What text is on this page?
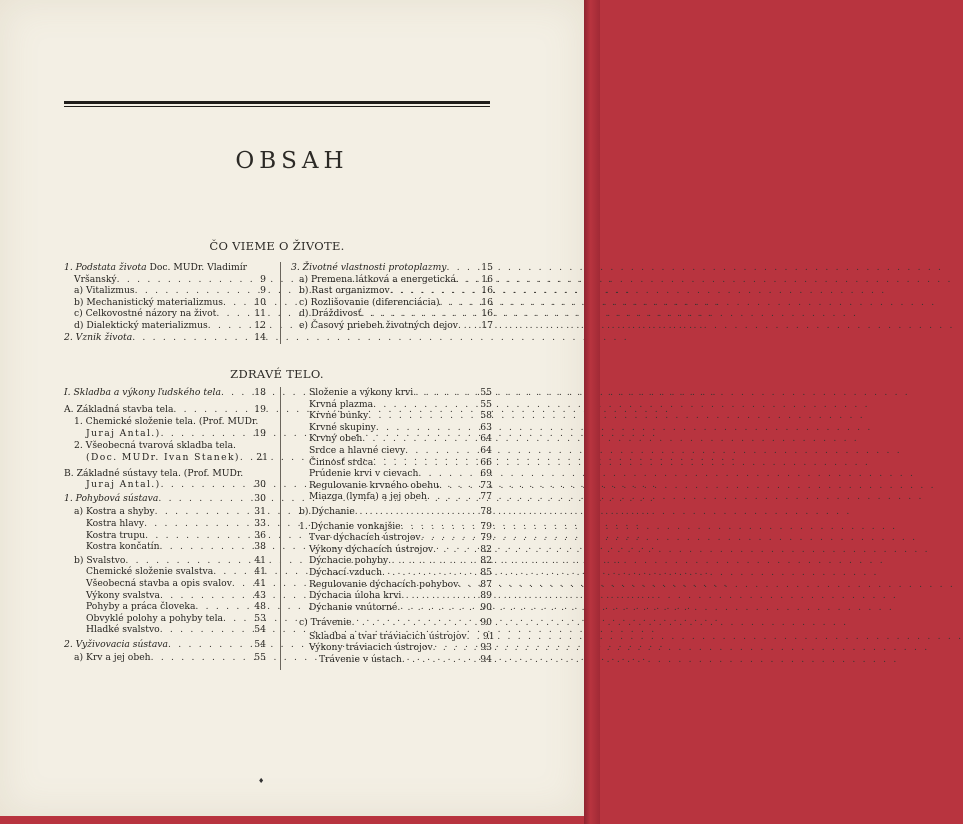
OBSAH
ČO VIEME O ŽIVOTE.
1. Podstata života Doc. MUDr. Vladimír
Vršanský . . .	9
a) Vitalizmus . . .	9
b) Mechanistický materializmus . . .	10
c) Celkovostné názory na život . . .	11
d) Dialektický materializmus . . .	12
2. Vznik života . . .	14
3. Životné vlastnosti protoplazmy . . .	15
a) Premena látková a energetická . . .	16
b) Rast organizmov . . .	16
c) Rozlišovanie (diferenciácia) . . .	16
d) Dráždivosť . . .	16
e) Časový priebeh životných dejov . . .	17
ZDRAVÉ TELO.
I. Skladba a výkony ľudského tela . . .	18
A. Základná stavba tela . . .	19
1. Chemické složenie tela. (Prof. MUDr.
Juraj Antal.) . . .	19
2. Všeobecná tvarová skladba tela.
(Doc. MUDr. Ivan Stanek) . . .	21
B. Základné sústavy tela. (Prof. MUDr.
Juraj Antal.) . . .	30
1. Pohybová sústava . . .	30
a) Kostra a shyby . . .	31
Kostra hlavy . . .	33
Kostra trupu . . .	36
Kostra končatín . . .	38
b) Svalstvo . . .	41
Chemické složenie svalstva . . .	41
Všeobecná stavba a opis svalov . . .	41
Výkony svalstva . . .	43
Pohyby a práca človeka . . .	48
Obvyklé polohy a pohyby tela . . .	53
Hladké svalstvo . . .	54
2. Vyživovacia sústava . . .	54
a) Krv a jej obeh . . .	55
Složenie a výkony krvi . . .	55
Krvná plazma . . .	55
Krvné bunky . . .	58
Krvné skupiny . . .	63
Krvný obeh . . .	64
Srdce a hlavné cievy . . .	64
Činnosť srdca . . .	66
Prúdenie krvi v cievach . . .	69
Regulovanie krvného obehu . . .	73
Miazga (lymfa) a jej obeh . . .	77
b) Dýchanie . . .	78
1. Dýchanie vonkajšie . . .	79
Tvar dýchacích ústrojov . . .	79
Výkony dýchacích ústrojov . . .	82
Dýchacie pohyby . . .	82
Dýchací vzduch . . .	85
Regulovanie dýchacích pohybov . . .	87
Dýchacia úloha krvi . . .	89
Dýchanie vnútorné . . .	90
c) Trávenie . . .	90
Skladba a tvar tráviacich ústrojov . . .	91
Výkony tráviacich ústrojov . . .	93
Trávenie v ústach . . .	94
♦
